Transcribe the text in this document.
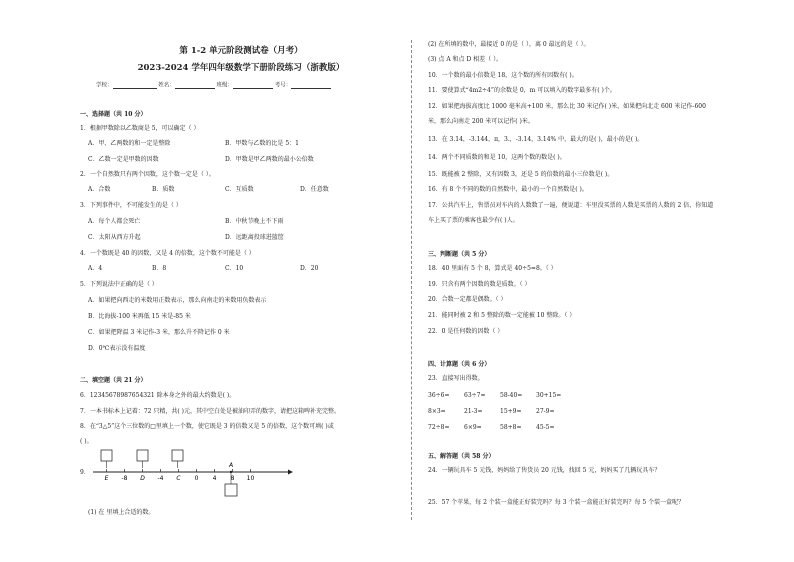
第 1-2 单元阶段测试卷（月考）
2023-2024 学年四年级数学下册阶段练习（浙教版）
学校：	姓名：	班级：	考号：
一、选择题（共 10 分）
1．根据甲数除以乙数商是 5，可以确定（ ）
A．甲、乙两数的和一定是整除	B．甲数与乙数的比是 5：1
C．乙数一定是甲数的因数	D．甲数是甲乙两数的最小公倍数
2．一个自然数只有两个因数，这个数一定是（ ）。
A．合数	B．质数	C．互质数	D．任意数
3．下列事件中，不可能发生的是（ ）
A．每个人都会死亡	B．中秋节晚上不下雨
C．太阳从西方升起	D．远距离投球进篮筐
4．一个数既是 40 的因数，又是 4 的倍数，这个数不可能是（ ）
A．4	B．8	C．10	D．20
5．下列说法中正确的是（ ）
A．如果把向西走的米数用正数表示，那么向南走的米数用负数表示
B．比海拔-100 米再低 15 米是-85 米
C．如果把降温 3 米记作-3 米，那么升不降记作 0 米
D．0℃表示没有温度
二、填空题（共 21 分）
6．12345678987654321 除本身之外的最大约数是( )。
7．一本书标本上记着：72 只精，共( )元，其中空白处是被油印弄的数字，请把这箱啤补充完整。
8．在“3△5”这个三位数的□里填上一个数，使它既是 3 的倍数又是 5 的倍数，这个数可填( )或
( )。
9．
E -8 D -4 C 0 4 8 10
A
(1) 在 里填上合适的数。
(2) 在所填的数中，最接近 0 的是（ ），离 0 最远的是（ ）。
(3) 点 A 和点 D 相差（ ）。
10．一个数的最小倍数是 18，这个数的所有因数有( )。
11．要使算式“4m2÷4”的余数是 0，m 可以填入的数字最多有( )个。
12．如果把海拔高度比 1000 毫米高+100 米，那么比 30 米记作( )米，如果把向北走 600 米记作-600
米，那么向南走 200 米可以记作( )米。
13．在 3.14，-3.144，π，3.，-3.14，3.14% 中，最大的是( )，最小的是( )。
14．两个不同质数的和是 10，这两个数的数是( )。
15．既能被 2 整除，又有因数 3，还是 5 的倍数的最小三位数是( )。
16．有 8 个不同的数的自然数中，最小的一个自然数是( )。
17．公共汽车上，售票员对车内的人数数了一遍，便说道：车里没买票的人数是买票的人数的 2 倍，你知道
车上买了票的乘客也最少有( )人。
三、判断题（共 5 分）
18．40 里面有 5 个 8，算式是 40÷5=8。（ ）
19．只含有两个因数的数是质数。（ ）
20．合数一定都是偶数。（ ）
21．能同时被 2 和 5 整除的数一定能被 10 整除。（ ）
22．0 是任何数的因数（ ）
四、计算题（共 6 分）
23．直接写出得数。
36÷6= 63÷7= 58-40= 30+15=
8×3=	21-3=	15+9= 27-9=
72÷8= 6×9=	58+8= 45-5=
五、解答题（共 58 分）
24．一辆玩具车 5 元钱，妈妈给了售货员 20 元钱，找回 5 元，妈妈买了几辆玩具车？
25．57 个苹果，每 2 个装一盒能正好装完吗？每 3 个装一盒能正好装完吗？每 5 个装一盒呢？
